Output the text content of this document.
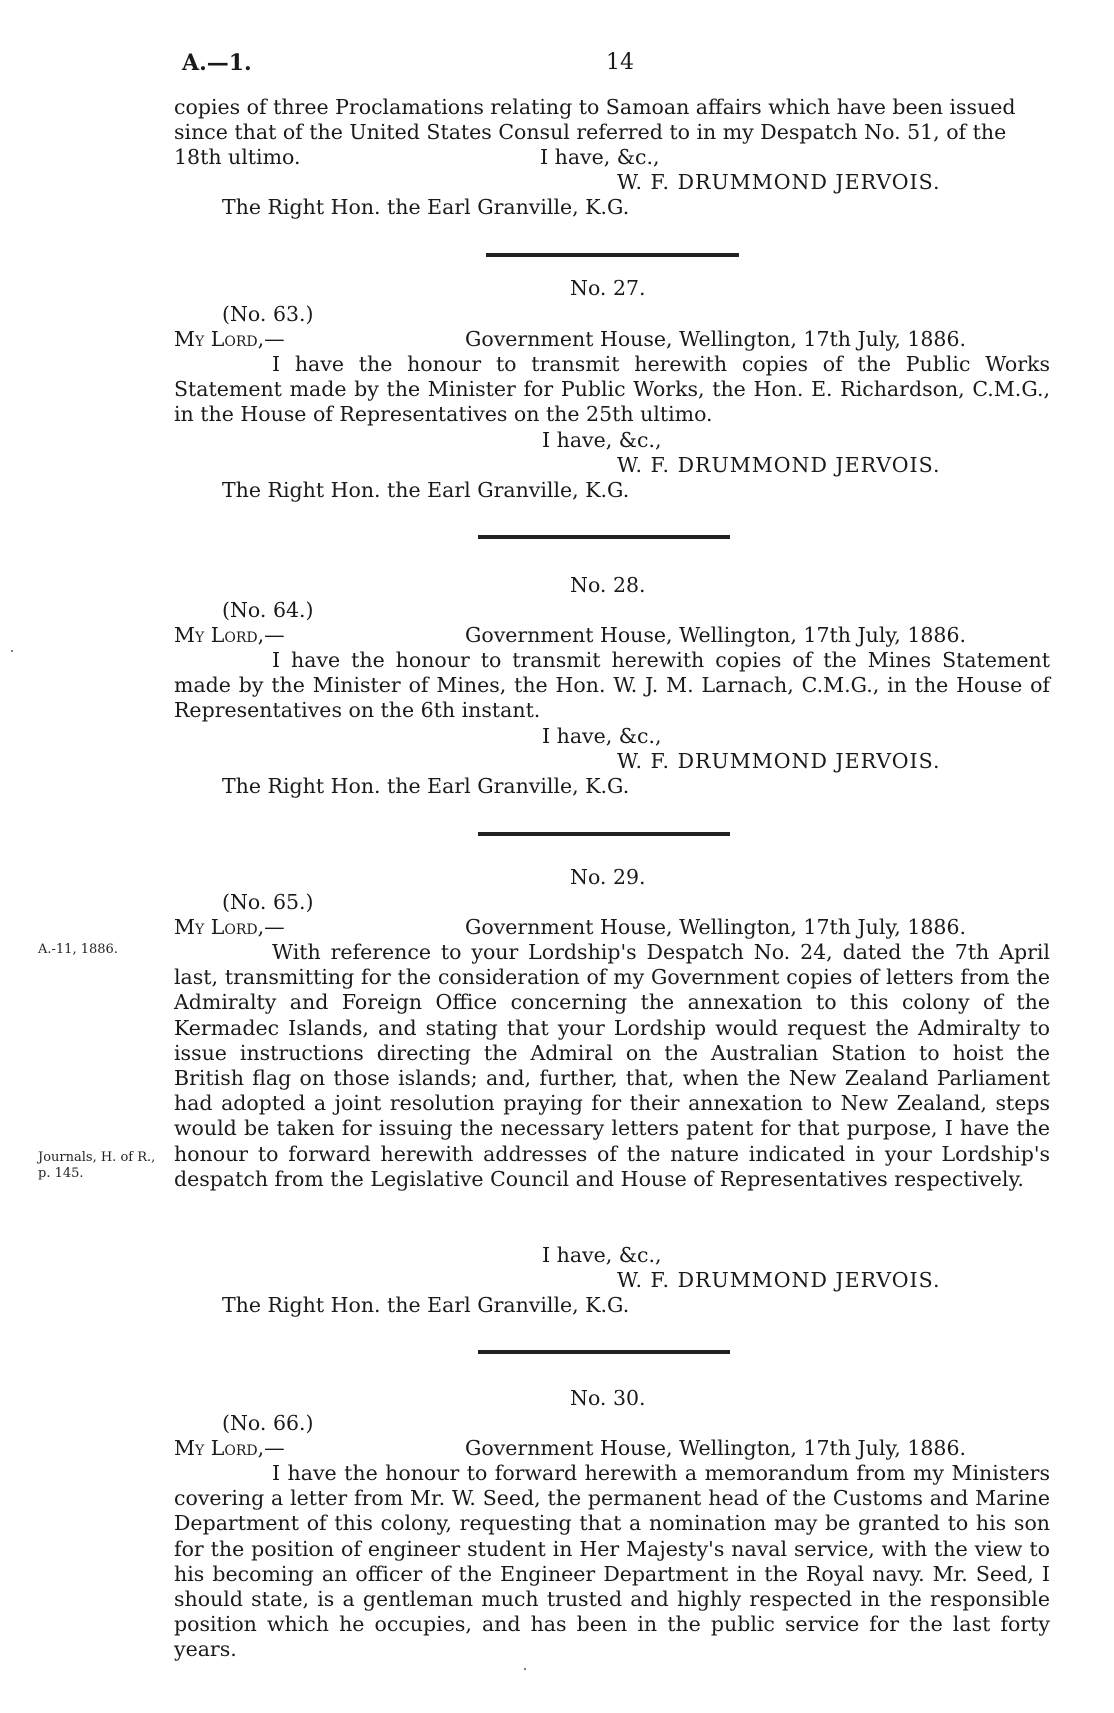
A.—1.	14
copies of three Proclamations relating to Samoan affairs which have been issued
since that of the United States Consul referred to in my Despatch No. 51, of the
18th ultimo.	I have, &c.,
W. F. DRUMMOND JERVOIS.
The Right Hon. the Earl Granville, K.G.
No. 27.
(No. 63.)
My Lord,—	Government House, Wellington, 17th July, 1886.
I have the honour to transmit herewith copies of the Public Works Statement made by the Minister for Public Works, the Hon. E. Richardson, C.M.G., in the House of Representatives on the 25th ultimo.
I have, &c.,
W. F. DRUMMOND JERVOIS.
The Right Hon. the Earl Granville, K.G.
No. 28.
(No. 64.)
My Lord,—	Government House, Wellington, 17th July, 1886.
I have the honour to transmit herewith copies of the Mines Statement made by the Minister of Mines, the Hon. W. J. M. Larnach, C.M.G., in the House of Representatives on the 6th instant.
I have, &c.,
W. F. DRUMMOND JERVOIS.
The Right Hon. the Earl Granville, K.G.
No. 29.
(No. 65.)
My Lord,—	Government House, Wellington, 17th July, 1886.
A.-11, 1886.	With reference to your Lordship's Despatch No. 24, dated the 7th April last, transmitting for the consideration of my Government copies of letters from the Admiralty and Foreign Office concerning the annexation to this colony of the Kermadec Islands, and stating that your Lordship would request the Admiralty to issue instructions directing the Admiral on the Australian Station to hoist the British flag on those islands; and, further, that, when the New Zealand Parliament had adopted a joint resolution praying for their annexation to New Zealand, steps would be taken for issuing the necessary letters patent for that purpose, I have the honour to forward herewith addresses of the nature indicated in your Lordship's despatch from the Legislative Council and House of Representatives respectively.
Journals, H. of R., p. 145.
I have, &c.,
W. F. DRUMMOND JERVOIS.
The Right Hon. the Earl Granville, K.G.
No. 30.
(No. 66.)
My Lord,—	Government House, Wellington, 17th July, 1886.
I have the honour to forward herewith a memorandum from my Ministers covering a letter from Mr. W. Seed, the permanent head of the Customs and Marine Department of this colony, requesting that a nomination may be granted to his son for the position of engineer student in Her Majesty's naval service, with the view to his becoming an officer of the Engineer Department in the Royal navy. Mr. Seed, I should state, is a gentleman much trusted and highly respected in the responsible position which he occupies, and has been in the public service for the last forty years.
